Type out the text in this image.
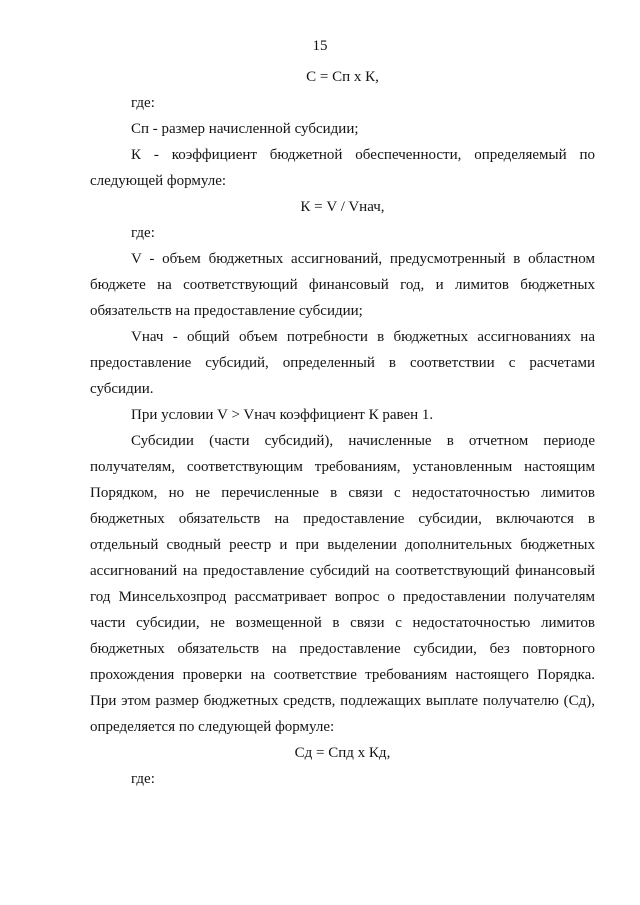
15

С = Сп х К,

где:

Сп - размер начисленной субсидии;

К - коэффициент бюджетной обеспеченности, определяемый по следующей формуле:

К = V / Vнач,

где:

V - объем бюджетных ассигнований, предусмотренный в областном бюджете на соответствующий финансовый год, и лимитов бюджетных обязательств на предоставление субсидии;

Vнач - общий объем потребности в бюджетных ассигнованиях на предоставление субсидий, определенный в соответствии с расчетами субсидии.

При условии V > Vнач коэффициент К равен 1.

Субсидии (части субсидий), начисленные в отчетном периоде получателям, соответствующим требованиям, установленным настоящим Порядком, но не перечисленные в связи с недостаточностью лимитов бюджетных обязательств на предоставление субсидии, включаются в отдельный сводный реестр и при выделении дополнительных бюджетных ассигнований на предоставление субсидий на соответствующий финансовый год Минсельхозпрод рассматривает вопрос о предоставлении получателям части субсидии, не возмещенной в связи с недостаточностью лимитов бюджетных обязательств на предоставление субсидии, без повторного прохождения проверки на соответствие требованиям настоящего Порядка. При этом размер бюджетных средств, подлежащих выплате получателю (Сд), определяется по следующей формуле:

Сд = Спд х Кд,

где:
